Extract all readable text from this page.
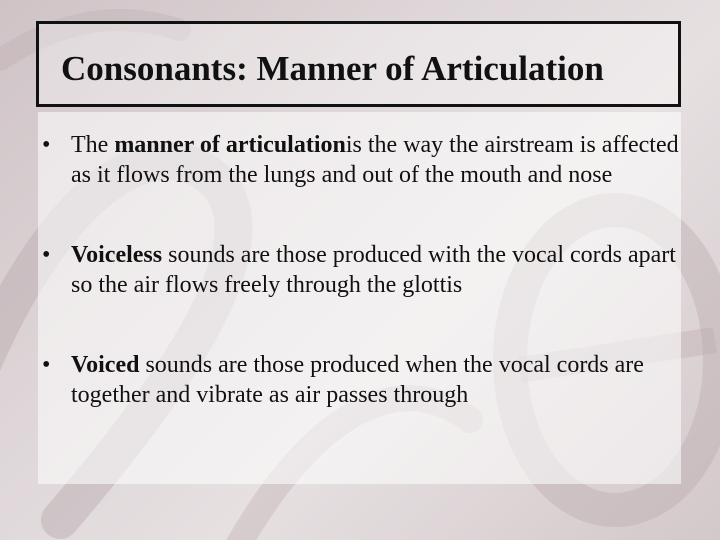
Consonants: Manner of Articulation
• The manner of articulationis the way the airstream is affected as it flows from the lungs and out of the mouth and nose
• Voiceless sounds are those produced with the vocal cords apart so the air flows freely through the glottis
• Voiced sounds are those produced when the vocal cords are together and vibrate as air passes through
